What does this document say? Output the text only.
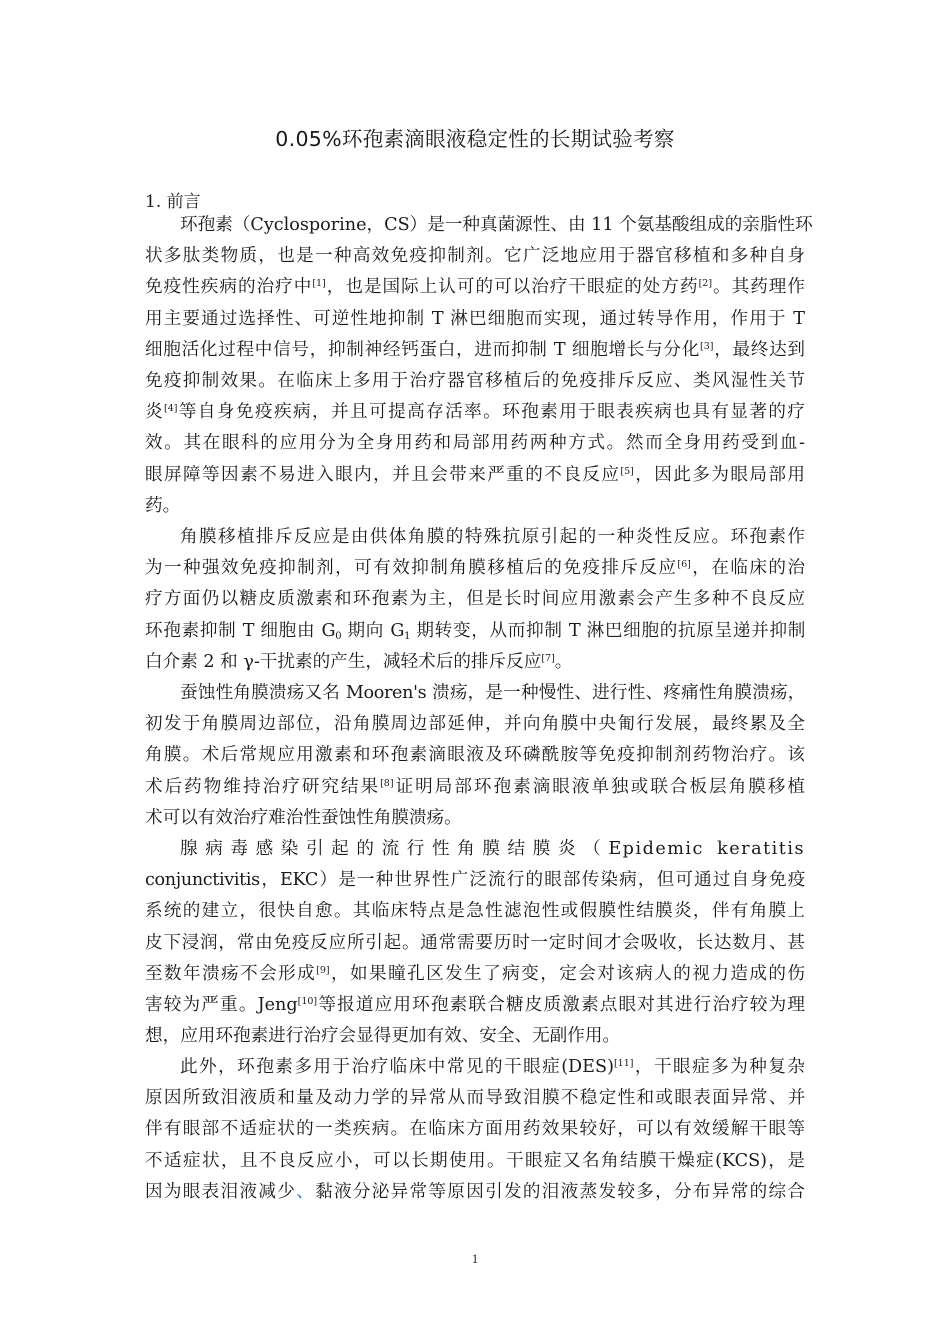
0.05%环孢素滴眼液稳定性的长期试验考察
1. 前言
环孢素（Cyclosporine，CS）是一种真菌源性、由 11 个氨基酸组成的亲脂性环
状多肽类物质，也是一种高效免疫抑制剂。它广泛地应用于器官移植和多种自身
免疫性疾病的治疗中[1]，也是国际上认可的可以治疗干眼症的处方药[2]。其药理作
用主要通过选择性、可逆性地抑制 T 淋巴细胞而实现，通过转导作用，作用于 T
细胞活化过程中信号，抑制神经钙蛋白，进而抑制 T 细胞增长与分化[3]，最终达到
免疫抑制效果。在临床上多用于治疗器官移植后的免疫排斥反应、类风湿性关节
炎[4]等自身免疫疾病，并且可提高存活率。环孢素用于眼表疾病也具有显著的疗
效。其在眼科的应用分为全身用药和局部用药两种方式。然而全身用药受到血-
眼屏障等因素不易进入眼内，并且会带来严重的不良反应[5]，因此多为眼局部用
药。
角膜移植排斥反应是由供体角膜的特殊抗原引起的一种炎性反应。环孢素作
为一种强效免疫抑制剂，可有效抑制角膜移植后的免疫排斥反应[6]，在临床的治
疗方面仍以糖皮质激素和环孢素为主，但是长时间应用激素会产生多种不良反应
环孢素抑制 T 细胞由 $G_0$ 期向 $G_1$ 期转变，从而抑制 T 淋巴细胞的抗原呈递并抑制
白介素 2 和 γ-干扰素的产生，减轻术后的排斥反应[7]。
蚕蚀性角膜溃疡又名 Mooren's 溃疡，是一种慢性、进行性、疼痛性角膜溃疡，
初发于角膜周边部位，沿角膜周边部延伸，并向角膜中央匍行发展，最终累及全
角膜。术后常规应用激素和环孢素滴眼液及环磷酰胺等免疫抑制剂药物治疗。该
术后药物维持治疗研究结果[8]证明局部环孢素滴眼液单独或联合板层角膜移植
术可以有效治疗难治性蚕蚀性角膜溃疡。
腺病毒感染引起的流行性角膜结膜炎（Epidemic keratitis
conjunctivitis，EKC）是一种世界性广泛流行的眼部传染病，但可通过自身免疫
系统的建立，很快自愈。其临床特点是急性滤泡性或假膜性结膜炎，伴有角膜上
皮下浸润，常由免疫反应所引起。通常需要历时一定时间才会吸收，长达数月、甚
至数年溃疡不会形成[9]，如果瞳孔区发生了病变，定会对该病人的视力造成的伤
害较为严重。Jeng[10]等报道应用环孢素联合糖皮质激素点眼对其进行治疗较为理
想，应用环孢素进行治疗会显得更加有效、安全、无副作用。
此外，环孢素多用于治疗临床中常见的干眼症(DES)[11]，干眼症多为种复杂
原因所致泪液质和量及动力学的异常从而导致泪膜不稳定性和或眼表面异常、并
伴有眼部不适症状的一类疾病。在临床方面用药效果较好，可以有效缓解干眼等
不适症状，且不良反应小，可以长期使用。干眼症又名角结膜干燥症(KCS)，是
因为眼表泪液减少、黏液分泌异常等原因引发的泪液蒸发较多，分布异常的综合
1
